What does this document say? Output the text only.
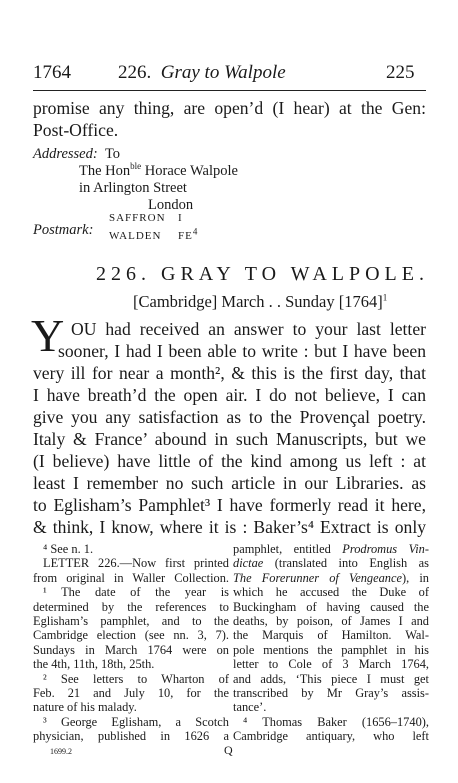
1764 226. Gray to Walpole	225
promise any thing, are open’d (I hear) at the Gen:
Post-Office.
Addressed: To
The Hon$^{ble}$ Horace Walpole
in Arlington Street
London
Postmark:
SAFFRON I
WALDEN $FE^4$
226. GRAY TO WALPOLE.
[Cambridge] March . . Sunday $[1764]^1$
Y OU had received an answer to your last letter
sooner, I had I been able to write : but I have been
very ill for near a month², & this is the first day, that
I have breath’d the open air. I do not believe, I can
give you any satisfaction as to the Provençal poetry.
Italy & France’ abound in such Manuscripts, but we
(I believe) have little of the kind among us left : at
least I remember no such article in our Libraries. as
to Eglisham’s Pamphlet³ I have formerly read it here,
& think, I know, where it is : Baker’s⁴ Extract is only
⁴ See n. 1.
LETTER 226.—Now first printed
from original in Waller Collection.
¹ The date of the year is
determined by the references to
Eglisham’s pamphlet, and to the
Cambridge election (see nn. 3, 7).
Sundays in March 1764 were on
the 4th, 11th, 18th, 25th.
² See letters to Wharton of
Feb. 21 and July 10, for the
nature of his malady.
³ George Eglisham, a Scotch
physician, published in 1626 a
pamphlet, entitled Prodromus Vin-
dictae (translated into English as
The Forerunner of Vengeance), in
which he accused the Duke of
Buckingham of having caused the
deaths, by poison, of James I and
the Marquis of Hamilton. Wal-
pole mentions the pamphlet in his
letter to Cole of 3 March 1764,
and adds, ‘This piece I must get
transcribed by Mr Gray’s assis-
tance’.
⁴ Thomas Baker (1656–1740),
Cambridge antiquary, who left
1699.2	Q
